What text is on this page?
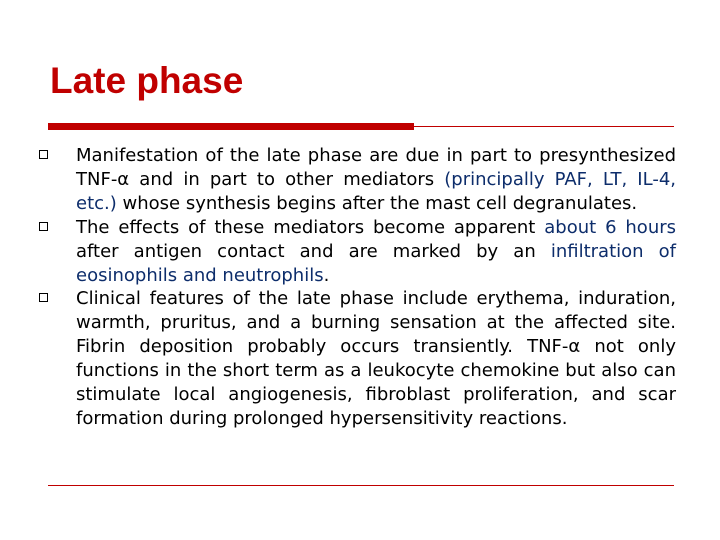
Late phase
Manifestation of the late phase are due in part to presynthesized TNF-α and in part to other mediators (principally PAF, LT, IL-4, etc.) whose synthesis begins after the mast cell degranulates.
The effects of these mediators become apparent about 6 hours after antigen contact and are marked by an infiltration of eosinophils and neutrophils.
Clinical features of the late phase include erythema, induration, warmth, pruritus, and a burning sensation at the affected site. Fibrin deposition probably occurs transiently. TNF-α not only functions in the short term as a leukocyte chemokine but also can stimulate local angiogenesis, fibroblast proliferation, and scar formation during prolonged hypersensitivity reactions.
